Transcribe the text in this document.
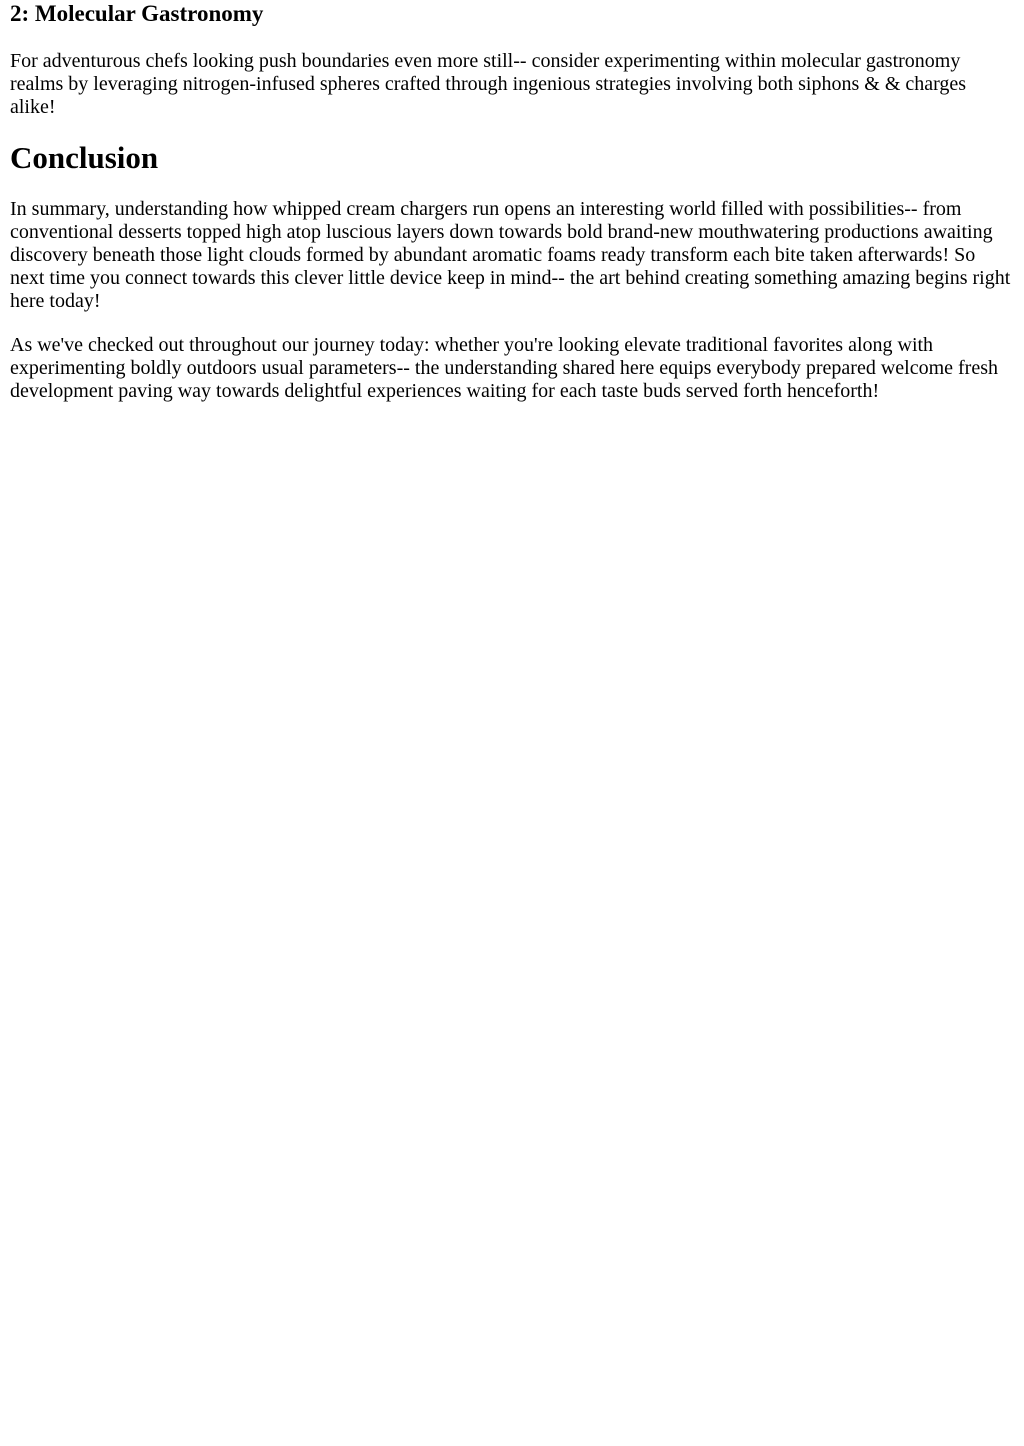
2: Molecular Gastronomy

For adventurous chefs looking push boundaries even more still-- consider experimenting within molecular gastronomy realms by leveraging nitrogen-infused spheres crafted through ingenious strategies involving both siphons & & charges alike!

Conclusion

In summary, understanding how whipped cream chargers run opens an interesting world filled with possibilities-- from conventional desserts topped high atop luscious layers down towards bold brand-new mouthwatering productions awaiting discovery beneath those light clouds formed by abundant aromatic foams ready transform each bite taken afterwards! So next time you connect towards this clever little device keep in mind-- the art behind creating something amazing begins right here today!

As we've checked out throughout our journey today: whether you're looking elevate traditional favorites along with experimenting boldly outdoors usual parameters-- the understanding shared here equips everybody prepared welcome fresh development paving way towards delightful experiences waiting for each taste buds served forth henceforth!
